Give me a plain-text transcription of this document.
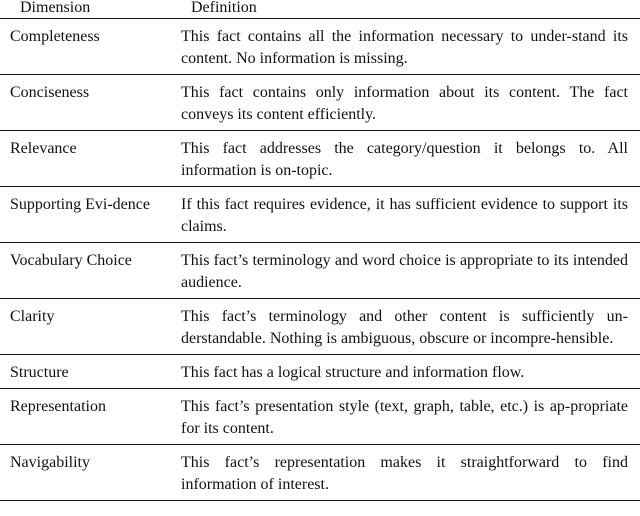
Dimension	Definition
Completeness	This fact contains all the information necessary to under-stand its content. No information is missing.
Conciseness	This fact contains only information about its content. The fact conveys its content efficiently.
Relevance	This fact addresses the category/question it belongs to. All information is on-topic.
Supporting Evi-dence	If this fact requires evidence, it has sufficient evidence to support its claims.
Vocabulary Choice	This fact’s terminology and word choice is appropriate to its intended audience.
Clarity	This fact’s terminology and other content is sufficiently un-derstandable. Nothing is ambiguous, obscure or incompre-hensible.
Structure	This fact has a logical structure and information flow.
Representation	This fact’s presentation style (text, graph, table, etc.) is ap-propriate for its content.
Navigability	This fact’s representation makes it straightforward to find information of interest.
